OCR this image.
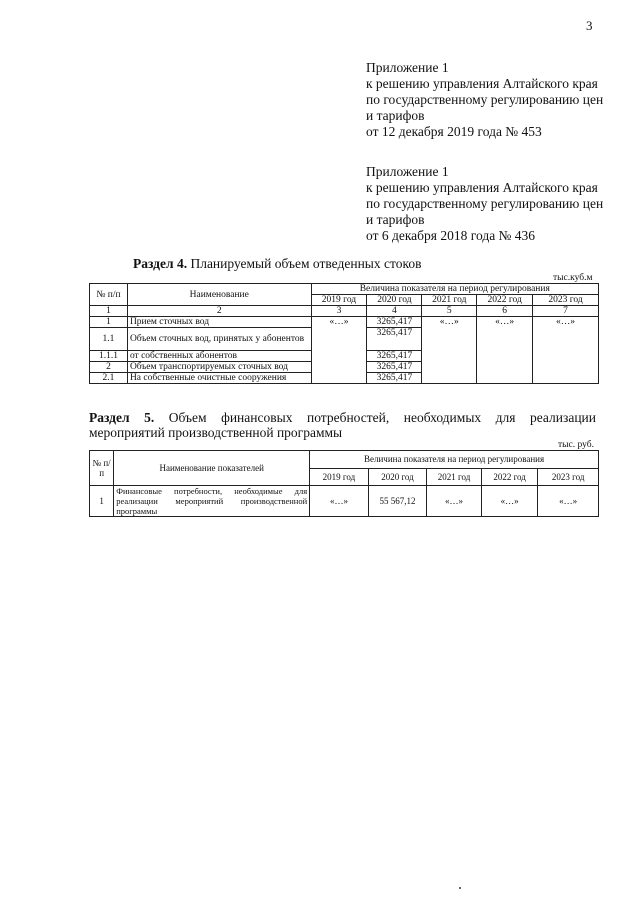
3
Приложение 1
к решению управления Алтайского края
по государственному регулированию цен
и тарифов
от 12 декабря 2019 года № 453
Приложение 1
к решению управления Алтайского края
по государственному регулированию цен
и тарифов
от 6 декабря 2018 года № 436
Раздел 4. Планируемый объем отведенных стоков
тыс.куб.м
№ п/п	Наименование	Величина показателя на период регулирования				
		2019 год	2020 год	2021 год	2022 год	2023 год
1	2	3	4	5	6	7
1	Прием сточных вод	«…»	3265,417	«…»	«…»	«…»
1.1	Объем сточных вод, принятых у абонентов		3265,417			
1.1.1	от собственных абонентов		3265,417			
2	Объем транспортируемых сточных вод		3265,417			
2.1	На собственные очистные сооружения		3265,417			
Раздел 5. Объем финансовых потребностей, необходимых для реализации мероприятий производственной программы
тыс. руб.
№ п/ п	Наименование показателей	Величина показателя на период регулирования				
		2019 год	2020 год	2021 год	2022 год	2023 год
1	Финансовые потребности, необходимые для реализации мероприятий производственной программы	«…»	55 567,12	«…»	«…»	«…»
